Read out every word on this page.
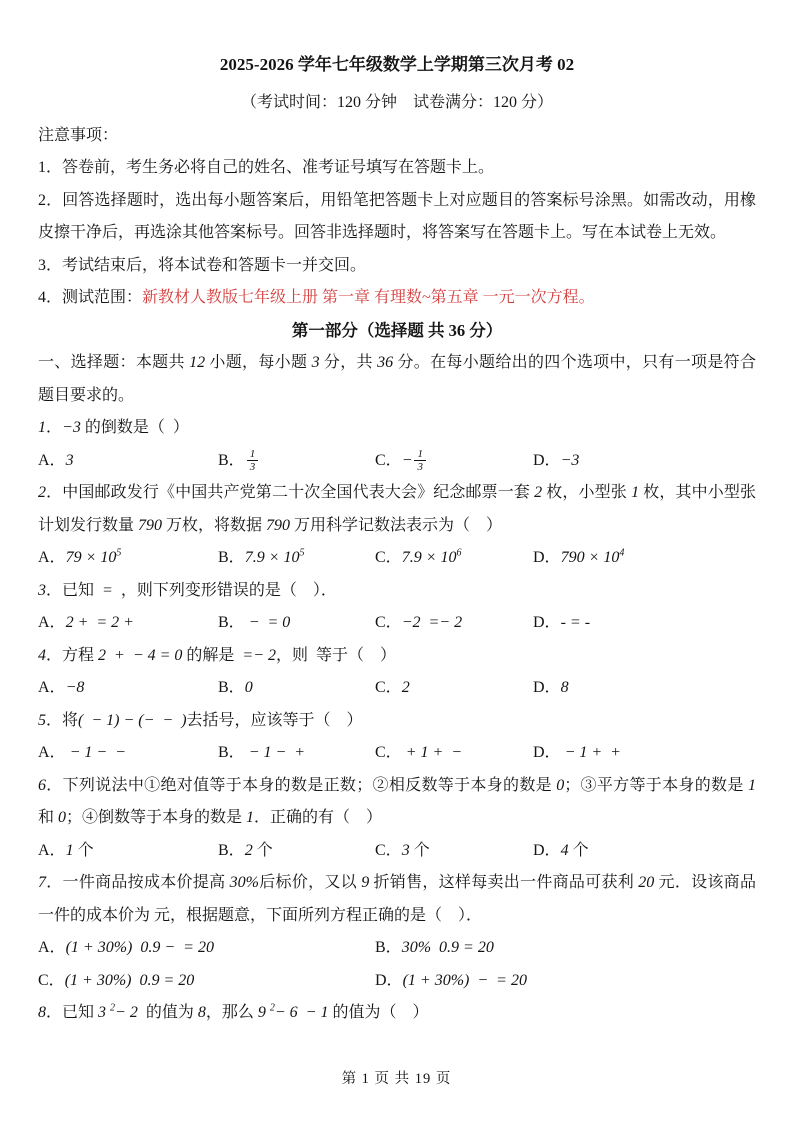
2025-2026 学年七年级数学上学期第三次月考 02

（考试时间：120 分钟　试卷满分：120 分）

注意事项：

1．答卷前，考生务必将自己的姓名、准考证号填写在答题卡上。

2．回答选择题时，选出每小题答案后，用铅笔把答题卡上对应题目的答案标号涂黑。如需改动，用橡皮擦干净后，再选涂其他答案标号。回答非选择题时，将答案写在答题卡上。写在本试卷上无效。

3．考试结束后，将本试卷和答题卡一并交回。

4．测试范围：新教材人教版七年级上册 第一章 有理数~第五章 一元一次方程。

第一部分（选择题 共 36 分）

一、选择题：本题共 12 小题，每小题 3 分，共 36 分。在每小题给出的四个选项中，只有一项是符合题目要求的。

1．−3 的倒数是（  ）

A．3	B． $\frac{1}{3}$	C．− $\frac{1}{3}$	D．−3

2．中国邮政发行《中国共产党第二十次全国代表大会》纪念邮票一套 2 枚，小型张 1 枚，其中小型张计划发行数量 790 万枚，将数据 790 万用科学记数法表示为（    ）

A．$79 \times 10^5$	B．$7.9 \times 10^5$	C．$7.9 \times 10^6$	D．$790 \times 10^4$

3．已知  =  ，则下列变形错误的是（    ）．

A．2 +  = 2 +	B． −  = 0	C．−2  =− 2	D．- = -

4．方程 2  +  − 4 = 0 的解是  =− 2，则  等于（    ）

A．−8	B．0	C．2	D．8

5．将(  − 1) − (−  −  )去括号，应该等于（    ）

A． − 1 −  −	B． − 1 −  +	C． + 1 +  −	D． − 1 +  +

6．下列说法中①绝对值等于本身的数是正数；②相反数等于本身的数是 0；③平方等于本身的数是 1 和 0；④倒数等于本身的数是 1．正确的有（    ）

A．1 个	B．2 个	C．3 个	D．4 个

7．一件商品按成本价提高 30%后标价，又以 9 折销售，这样每卖出一件商品可获利 20 元．设该商品一件的成本价为 元，根据题意，下面所列方程正确的是（    ）．

A．(1 + 30%)  0.9 −  = 20	B．30%  0.9 = 20
C．(1 + 30%)  0.9 = 20	D．(1 + 30%)  −  = 20

8．已知 3 $^2$− 2  的值为 8，那么 9 $^2$− 6  − 1 的值为（    ）

第 1 页 共 19 页
